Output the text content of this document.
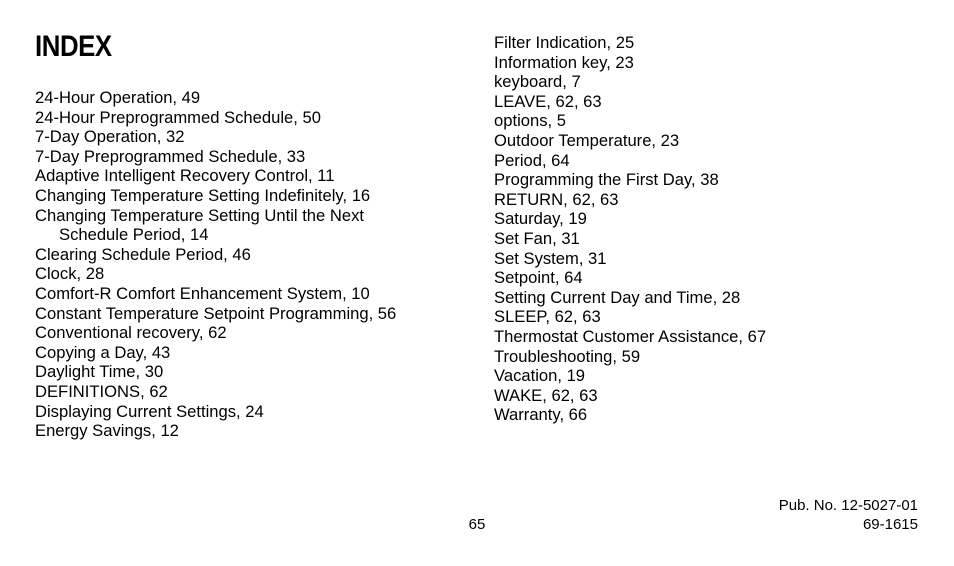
INDEX
24-Hour Operation, 49
24-Hour Preprogrammed Schedule, 50
7-Day Operation, 32
7-Day Preprogrammed Schedule, 33
Adaptive Intelligent Recovery Control, 11
Changing Temperature Setting Indefinitely, 16
Changing Temperature Setting Until the Next
Schedule Period, 14
Clearing Schedule Period, 46
Clock, 28
Comfort-R Comfort Enhancement System, 10
Constant Temperature Setpoint Programming, 56
Conventional recovery, 62
Copying a Day, 43
Daylight Time, 30
DEFINITIONS, 62
Displaying Current Settings, 24
Energy Savings, 12
Filter Indication, 25
Information key, 23
keyboard, 7
LEAVE, 62, 63
options, 5
Outdoor Temperature, 23
Period, 64
Programming the First Day, 38
RETURN, 62, 63
Saturday, 19
Set Fan, 31
Set System, 31
Setpoint, 64
Setting Current Day and Time, 28
SLEEP, 62, 63
Thermostat Customer Assistance, 67
Troubleshooting, 59
Vacation, 19
WAKE, 62, 63
Warranty, 66
65
Pub. No. 12-5027-01
69-1615
